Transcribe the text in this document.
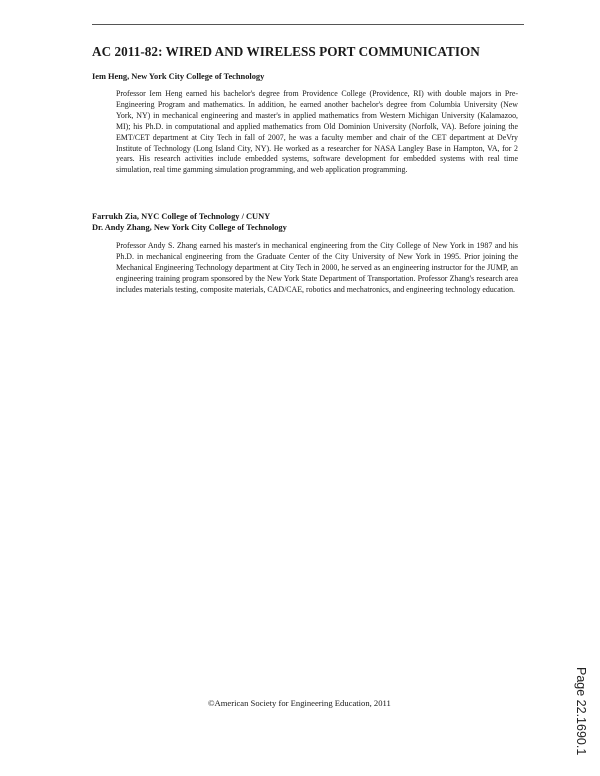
AC 2011-82: WIRED AND WIRELESS PORT COMMUNICATION

Iem Heng, New York City College of Technology

Professor Iem Heng earned his bachelor's degree from Providence College (Providence, RI) with double majors in Pre-Engineering Program and mathematics. In addition, he earned another bachelor's degree from Columbia University (New York, NY) in mechanical engineering and master's in applied mathematics from Western Michigan University (Kalamazoo, MI); his Ph.D. in computational and applied mathematics from Old Dominion University (Norfolk, VA). Before joining the EMT/CET department at City Tech in fall of 2007, he was a faculty member and chair of the CET department at DeVry Institute of Technology (Long Island City, NY). He worked as a researcher for NASA Langley Base in Hampton, VA, for 2 years. His research activities include embedded systems, software development for embedded systems with real time simulation, real time gamming simulation programming, and web application programming.

Farrukh Zia, NYC College of Technology / CUNY

Dr. Andy Zhang, New York City College of Technology

Professor Andy S. Zhang earned his master's in mechanical engineering from the City College of New York in 1987 and his Ph.D. in mechanical engineering from the Graduate Center of the City University of New York in 1995. Prior joining the Mechanical Engineering Technology department at City Tech in 2000, he served as an engineering instructor for the JUMP, an engineering training program sponsored by the New York State Department of Transportation. Professor Zhang's research area includes materials testing, composite materials, CAD/CAE, robotics and mechatronics, and engineering technology education.

©American Society for Engineering Education, 2011	Page 22.1690.1
